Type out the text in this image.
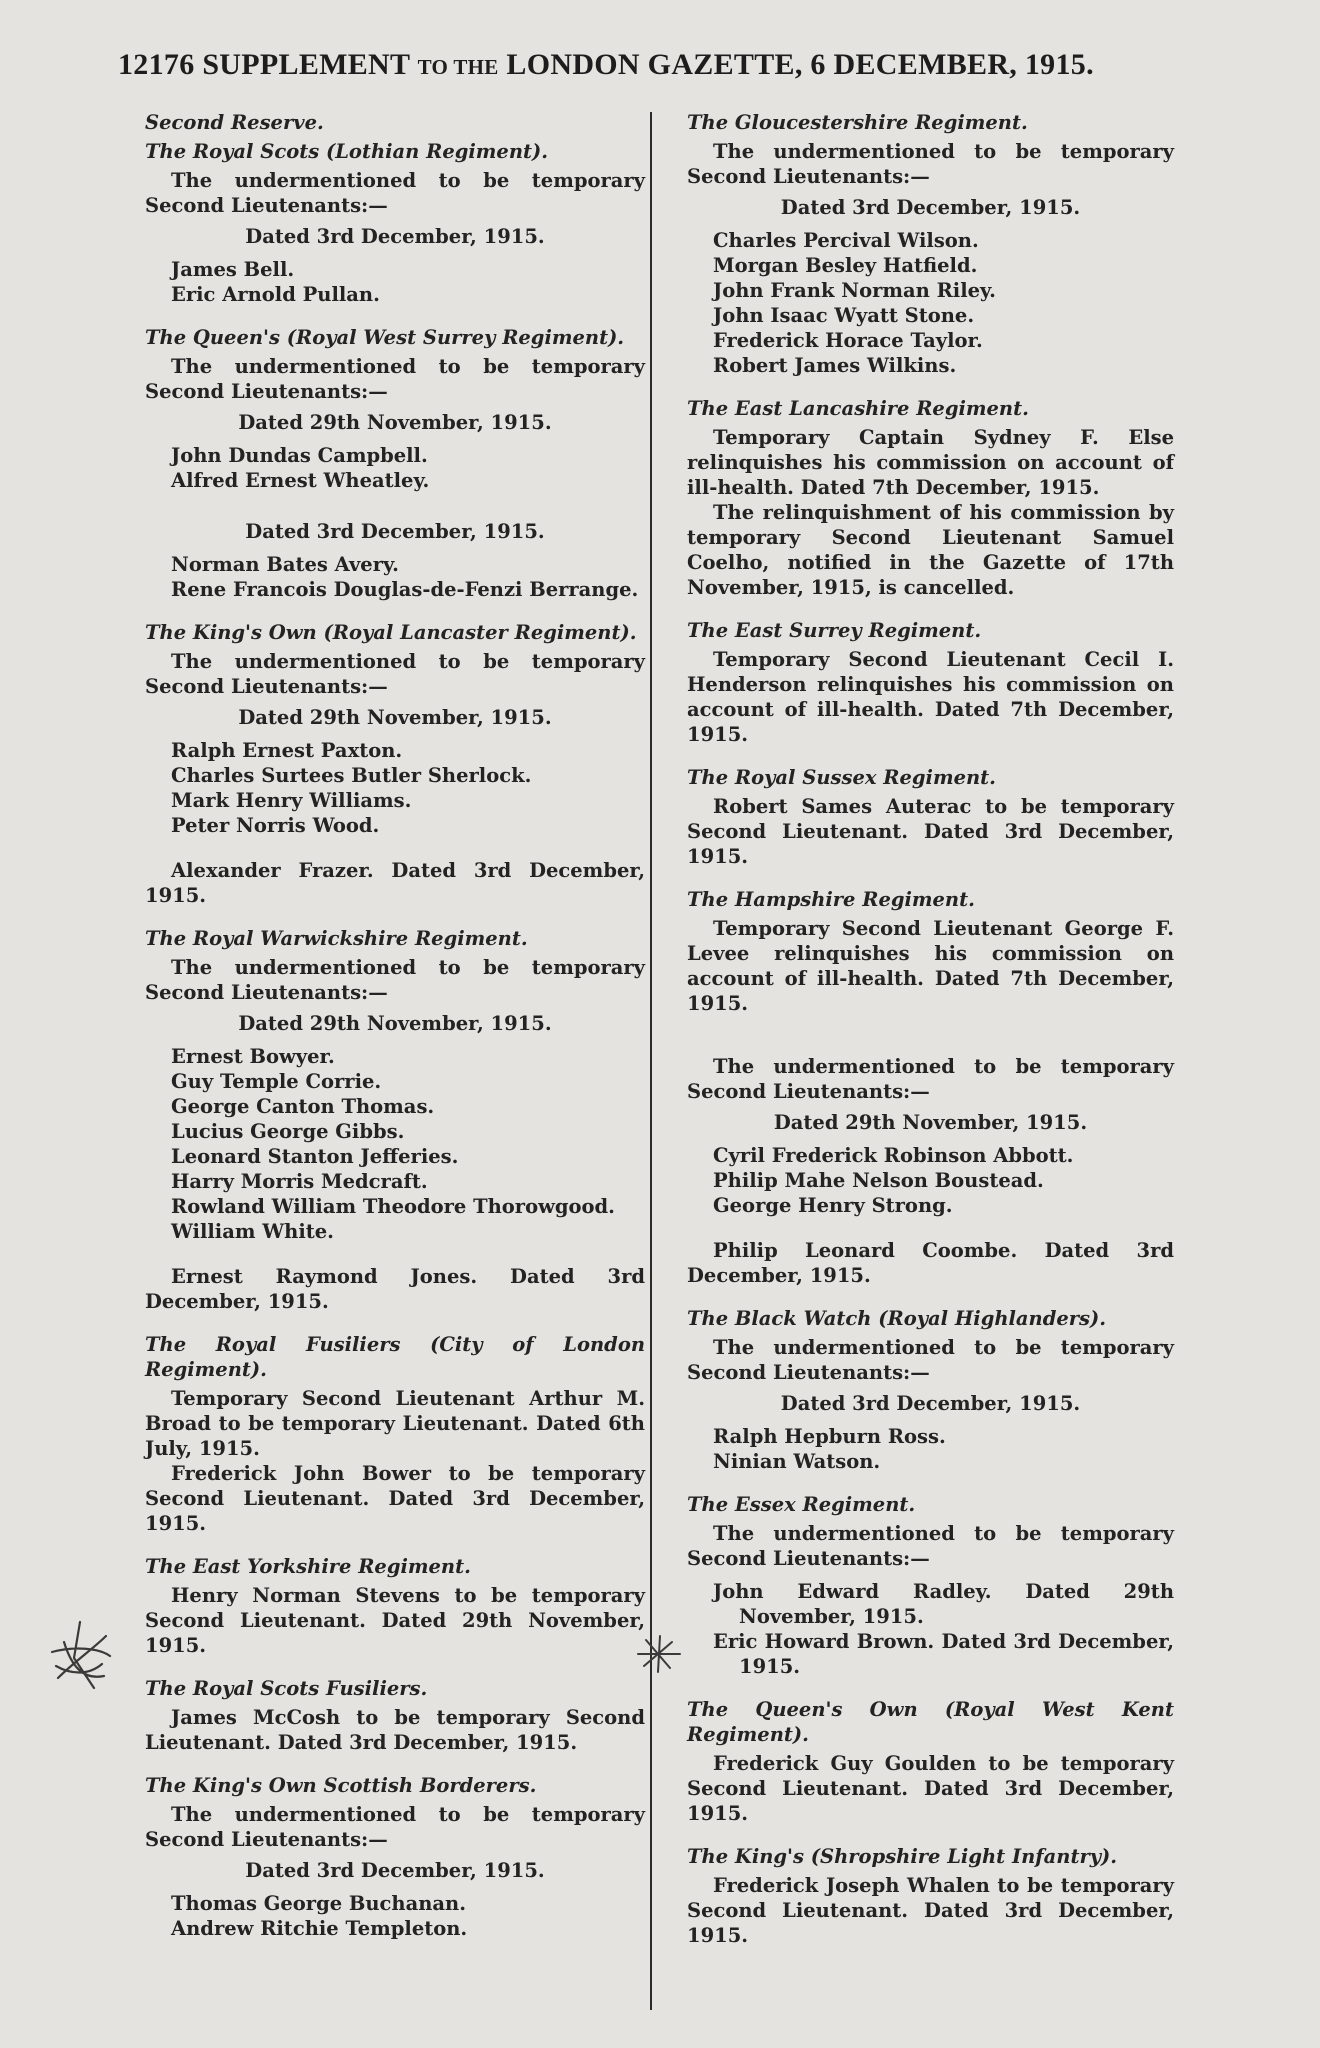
12176 SUPPLEMENT TO THE LONDON GAZETTE, 6 DECEMBER, 1915.
Second Reserve.
The Royal Scots (Lothian Regiment).

The undermentioned to be temporary Second Lieutenants:—

Dated 3rd December, 1915.
James Bell.
Eric Arnold Pullan.
The Queen's (Royal West Surrey Regiment).

The undermentioned to be temporary Second Lieutenants:—

Dated 29th November, 1915.
John Dundas Campbell.
Alfred Ernest Wheatley.
Dated 3rd December, 1915.
Norman Bates Avery.
Rene Francois Douglas-de-Fenzi Berrange.
The King's Own (Royal Lancaster Regiment).

The undermentioned to be temporary Second Lieutenants:—

Dated 29th November, 1915.
Ralph Ernest Paxton.
Charles Surtees Butler Sherlock.
Mark Henry Williams.
Peter Norris Wood.

Alexander Frazer. Dated 3rd December, 1915.

The Royal Warwickshire Regiment.

The undermentioned to be temporary Second Lieutenants:—

Dated 29th November, 1915.
Ernest Bowyer.
Guy Temple Corrie.
George Canton Thomas.
Lucius George Gibbs.
Leonard Stanton Jefferies.
Harry Morris Medcraft.
Rowland William Theodore Thorowgood.
William White.

Ernest Raymond Jones. Dated 3rd December, 1915.

The Royal Fusiliers (City of London Regiment).

Temporary Second Lieutenant Arthur M. Broad to be temporary Lieutenant. Dated 6th July, 1915.

Frederick John Bower to be temporary Second Lieutenant. Dated 3rd December, 1915.

The East Yorkshire Regiment.

Henry Norman Stevens to be temporary Second Lieutenant. Dated 29th November, 1915.

The Royal Scots Fusiliers.

James McCosh to be temporary Second Lieutenant. Dated 3rd December, 1915.

The King's Own Scottish Borderers.

The undermentioned to be temporary Second Lieutenants:—

Dated 3rd December, 1915.
Thomas George Buchanan.
Andrew Ritchie Templeton.
The Gloucestershire Regiment.

The undermentioned to be temporary Second Lieutenants:—

Dated 3rd December, 1915.
Charles Percival Wilson.
Morgan Besley Hatfield.
John Frank Norman Riley.
John Isaac Wyatt Stone.
Frederick Horace Taylor.
Robert James Wilkins.
The East Lancashire Regiment.

Temporary Captain Sydney F. Else relinquishes his commission on account of ill-health. Dated 7th December, 1915.

The relinquishment of his commission by temporary Second Lieutenant Samuel Coelho, notified in the Gazette of 17th November, 1915, is cancelled.

The East Surrey Regiment.

Temporary Second Lieutenant Cecil I. Henderson relinquishes his commission on account of ill-health. Dated 7th December, 1915.

The Royal Sussex Regiment.

Robert Sames Auterac to be temporary Second Lieutenant. Dated 3rd December, 1915.

The Hampshire Regiment.

Temporary Second Lieutenant George F. Levee relinquishes his commission on account of ill-health. Dated 7th December, 1915.

The undermentioned to be temporary Second Lieutenants:—

Dated 29th November, 1915.
Cyril Frederick Robinson Abbott.
Philip Mahe Nelson Boustead.
George Henry Strong.

Philip Leonard Coombe. Dated 3rd December, 1915.

The Black Watch (Royal Highlanders).

The undermentioned to be temporary Second Lieutenants:—

Dated 3rd December, 1915.
Ralph Hepburn Ross.
Ninian Watson.
The Essex Regiment.

The undermentioned to be temporary Second Lieutenants:—

John Edward Radley. Dated 29th November, 1915.
Eric Howard Brown. Dated 3rd December, 1915.
The Queen's Own (Royal West Kent Regiment).

Frederick Guy Goulden to be temporary Second Lieutenant. Dated 3rd December, 1915.

The King's (Shropshire Light Infantry).

Frederick Joseph Whalen to be temporary Second Lieutenant. Dated 3rd December, 1915.
